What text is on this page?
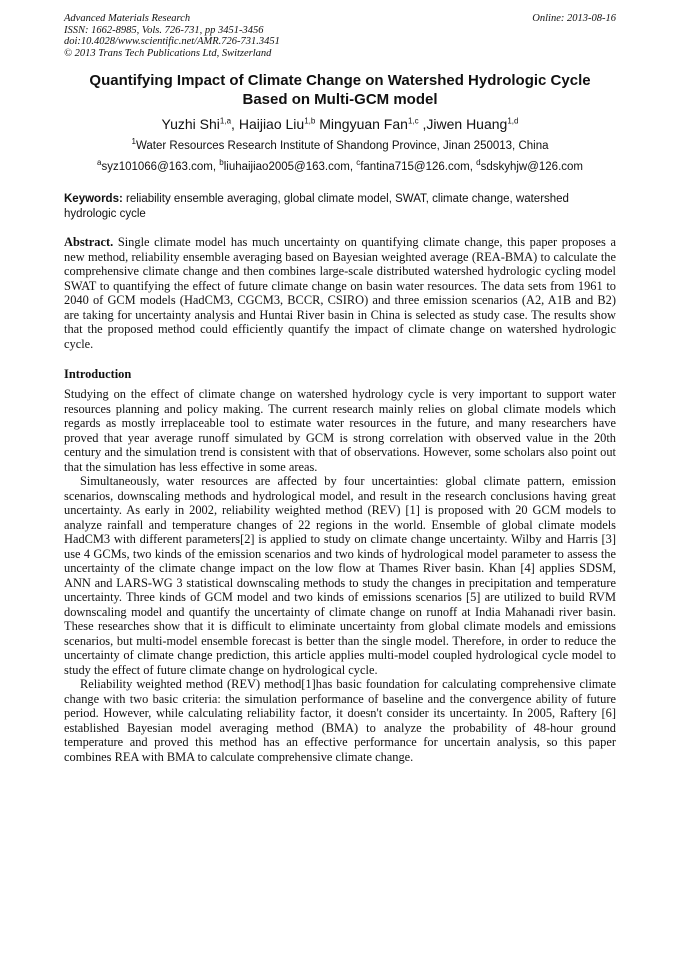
Advanced Materials Research
ISSN: 1662-8985, Vols. 726-731, pp 3451-3456
doi:10.4028/www.scientific.net/AMR.726-731.3451
© 2013 Trans Tech Publications Ltd, Switzerland
Online: 2013-08-16
Quantifying Impact of Climate Change on Watershed Hydrologic Cycle
Based on Multi-GCM model
Yuzhi Shi$^{1,a}$, Haijiao Liu$^{1,b}$ Mingyuan Fan$^{1,c}$ ,Jiwen Huang$^{1,d}$
$^1$Water Resources Research Institute of Shandong Province, Jinan 250013, China
$^a$syz101066@163.com, $^b$liuhaijiao2005@163.com, $^c$fantina715@126.com, $^d$sdskyhjw@126.com
Keywords: reliability ensemble averaging, global climate model, SWAT, climate change, watershed hydrologic cycle
Abstract. Single climate model has much uncertainty on quantifying climate change, this paper proposes a new method, reliability ensemble averaging based on Bayesian weighted average (REA-BMA) to calculate the comprehensive climate change and then combines large-scale distributed watershed hydrologic cycling model SWAT to quantifying the effect of future climate change on basin water resources. The data sets from 1961 to 2040 of GCM models (HadCM3, CGCM3, BCCR, CSIRO) and three emission scenarios (A2, A1B and B2) are taking for uncertainty analysis and Huntai River basin in China is selected as study case. The results show that the proposed method could efficiently quantify the impact of climate change on watershed hydrologic cycle.
Introduction

Studying on the effect of climate change on watershed hydrology cycle is very important to support water resources planning and policy making. The current research mainly relies on global climate models which regards as mostly irreplaceable tool to estimate water resources in the future, and many researchers have proved that year average runoff simulated by GCM is strong correlation with observed value in the 20th century and the simulation trend is consistent with that of observations. However, some scholars also point out that the simulation has less effective in some areas.

Simultaneously, water resources are affected by four uncertainties: global climate pattern, emission scenarios, downscaling methods and hydrological model, and result in the research conclusions having great uncertainty. As early in 2002, reliability weighted method (REV) [1] is proposed with 20 GCM models to analyze rainfall and temperature changes of 22 regions in the world. Ensemble of global climate models HadCM3 with different parameters[2] is applied to study on climate change uncertainty. Wilby and Harris [3] use 4 GCMs, two kinds of the emission scenarios and two kinds of hydrological model parameter to assess the uncertainty of the climate change impact on the low flow at Thames River basin. Khan [4] applies SDSM, ANN and LARS-WG 3 statistical downscaling methods to study the changes in precipitation and temperature uncertainty. Three kinds of GCM model and two kinds of emissions scenarios [5] are utilized to build RVM downscaling model and quantify the uncertainty of climate change on runoff at India Mahanadi river basin. These researches show that it is difficult to eliminate uncertainty from global climate models and emissions scenarios, but multi-model ensemble forecast is better than the single model. Therefore, in order to reduce the uncertainty of climate change prediction, this article applies multi-model coupled hydrological cycle model to study the effect of future climate change on hydrological cycle.

Reliability weighted method (REV) method[1]has basic foundation for calculating comprehensive climate change with two basic criteria: the simulation performance of baseline and the convergence ability of future period. However, while calculating reliability factor, it doesn't consider its uncertainty. In 2005, Raftery [6] established Bayesian model averaging method (BMA) to analyze the probability of 48-hour ground temperature and proved this method has an effective performance for uncertain analysis, so this paper combines REA with BMA to calculate comprehensive climate change.
